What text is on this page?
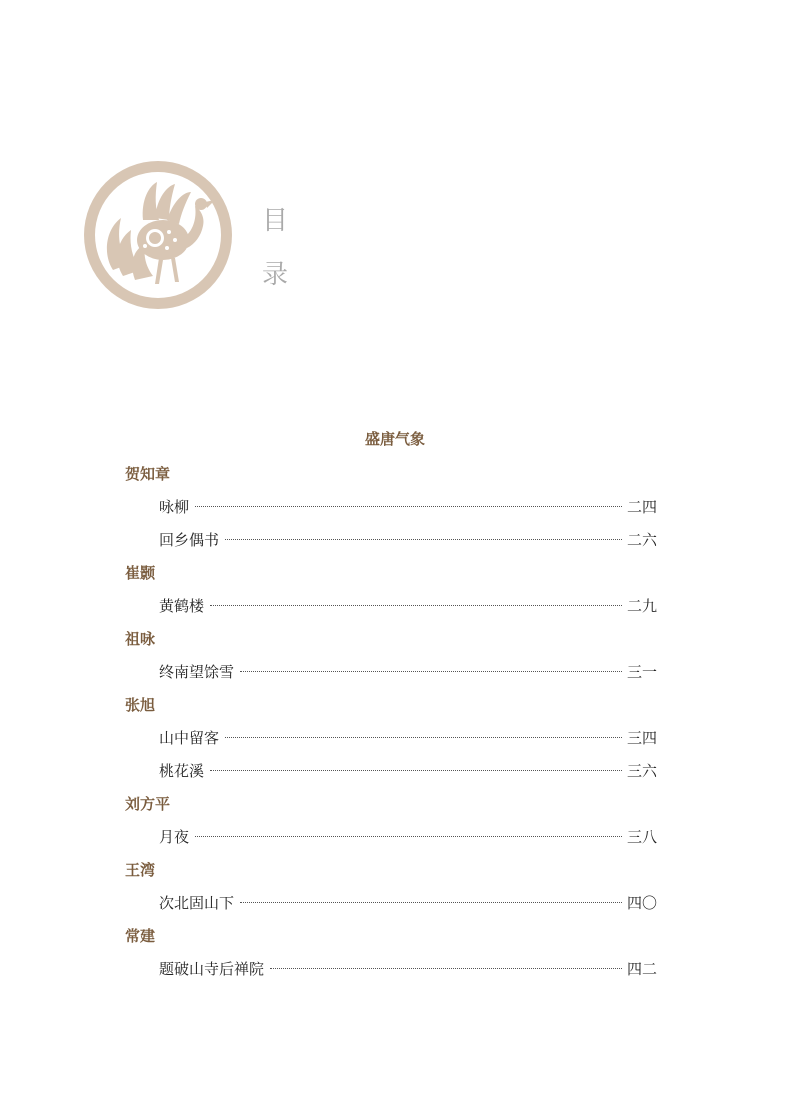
目
录
盛唐气象
贺知章
咏柳	二四
回乡偶书	二六
崔颢
黄鹤楼	二九
祖咏
终南望馀雪	三一
张旭
山中留客	三四
桃花溪	三六
刘方平
月夜	三八
王湾
次北固山下	四〇
常建
题破山寺后禅院	四二
